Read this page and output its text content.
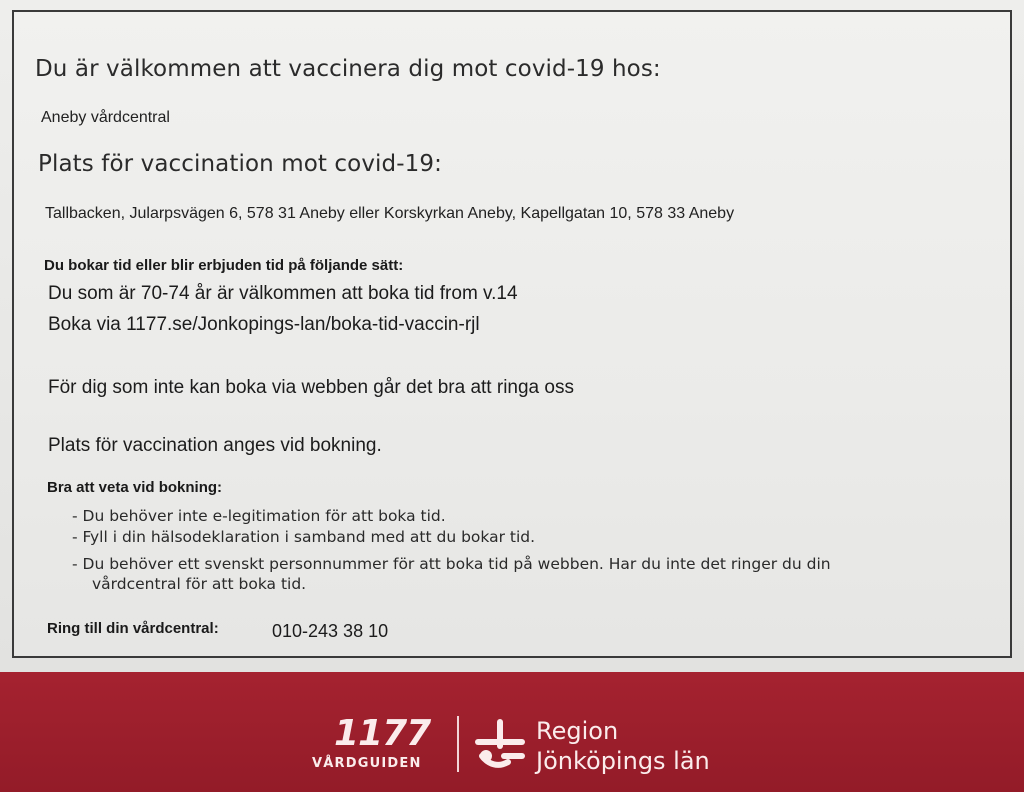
Du är välkommen att vaccinera dig mot covid-19 hos:
Aneby vårdcentral
Plats för vaccination mot covid-19:
Tallbacken, Jularpsvägen 6, 578 31 Aneby eller Korskyrkan Aneby, Kapellgatan 10, 578 33 Aneby
Du bokar tid eller blir erbjuden tid på följande sätt:
Du som är 70-74 år är välkommen att boka tid from v.14
Boka via 1177.se/Jonkopings-lan/boka-tid-vaccin-rjl
För dig som inte kan boka via webben går det bra att ringa oss
Plats för vaccination anges vid bokning.
Bra att veta vid bokning:
- Du behöver inte e-legitimation för att boka tid.
- Fyll i din hälsodeklaration i samband med att du bokar tid.
- Du behöver ett svenskt personnummer för att boka tid på webben. Har du inte det ringer du din
vårdcentral för att boka tid.
Ring till din vårdcentral:	010-243 38 10
1177
VÅRDGUIDEN
Region
Jönköpings län
